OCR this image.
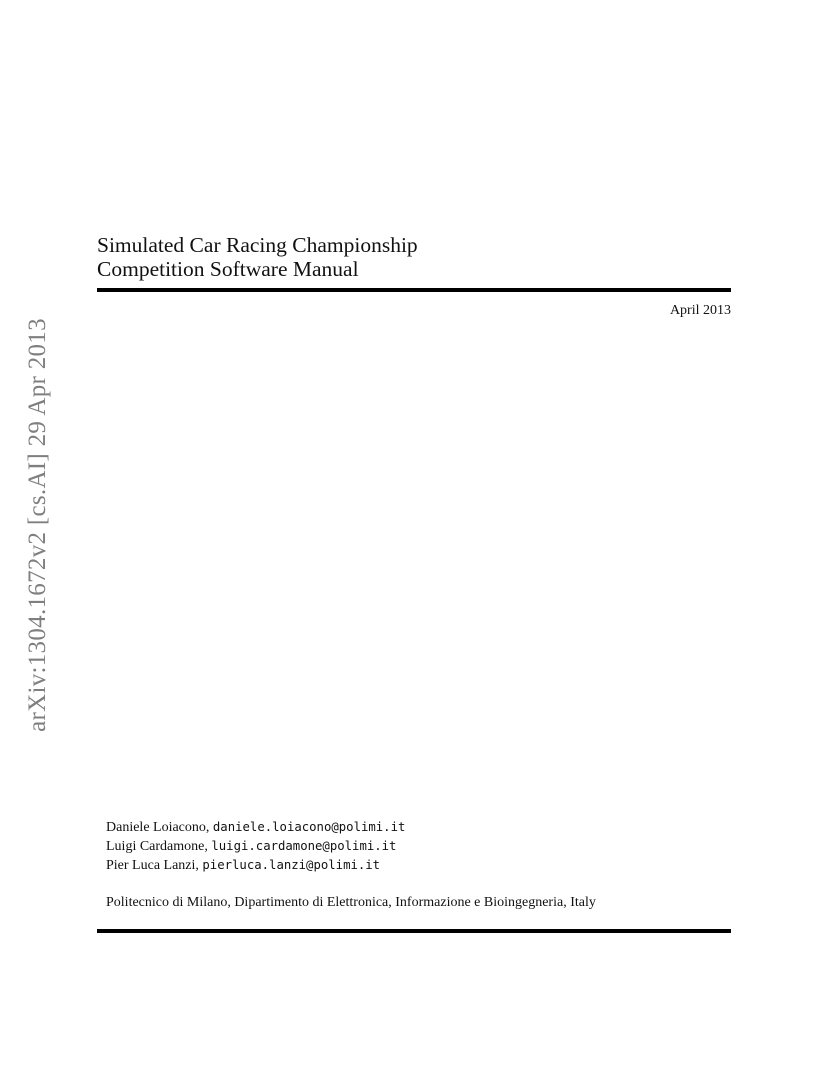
arXiv:1304.1672v2 [cs.AI] 29 Apr 2013
Simulated Car Racing Championship
Competition Software Manual
April 2013
Daniele Loiacono, daniele.loiacono@polimi.it
Luigi Cardamone, luigi.cardamone@polimi.it
Pier Luca Lanzi, pierluca.lanzi@polimi.it
Politecnico di Milano, Dipartimento di Elettronica, Informazione e Bioingegneria, Italy
